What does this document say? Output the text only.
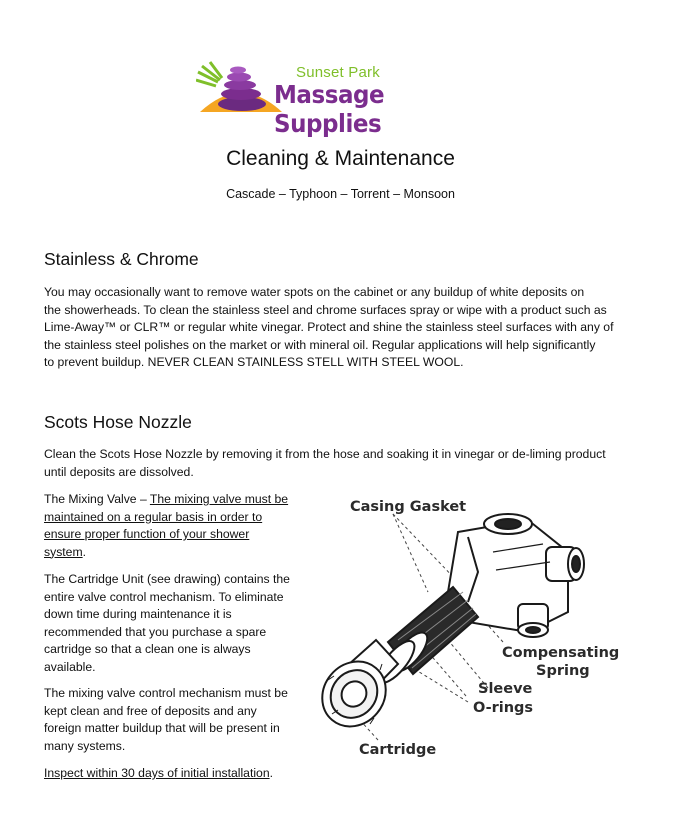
Sunset Park
Massage Supplies
Cleaning & Maintenance
Cascade – Typhoon – Torrent – Monsoon
Stainless & Chrome
You may occasionally want to remove water spots on the cabinet or any buildup of white deposits on
the showerheads. To clean the stainless steel and chrome surfaces spray or wipe with a product such as
Lime-Away™ or CLR™ or regular white vinegar. Protect and shine the stainless steel surfaces with any of
the stainless steel polishes on the market or with mineral oil. Regular applications will help significantly
to prevent buildup. NEVER CLEAN STAINLESS STELL WITH STEEL WOOL.
Scots Hose Nozzle
Clean the Scots Hose Nozzle by removing it from the hose and soaking it in vinegar or de-liming product
until deposits are dissolved.
The Mixing Valve – The mixing valve must be
maintained on a regular basis in order to
ensure proper function of your shower
system.
The Cartridge Unit (see drawing) contains the
entire valve control mechanism. To eliminate
down time during maintenance it is
recommended that you purchase a spare
cartridge so that a clean one is always
available.
The mixing valve control mechanism must be
kept clean and free of deposits and any
foreign matter buildup that will be present in
many systems.
Inspect within 30 days of initial installation.
Casing Gasket
Compensating
Spring
Sleeve
O-rings
Cartridge
